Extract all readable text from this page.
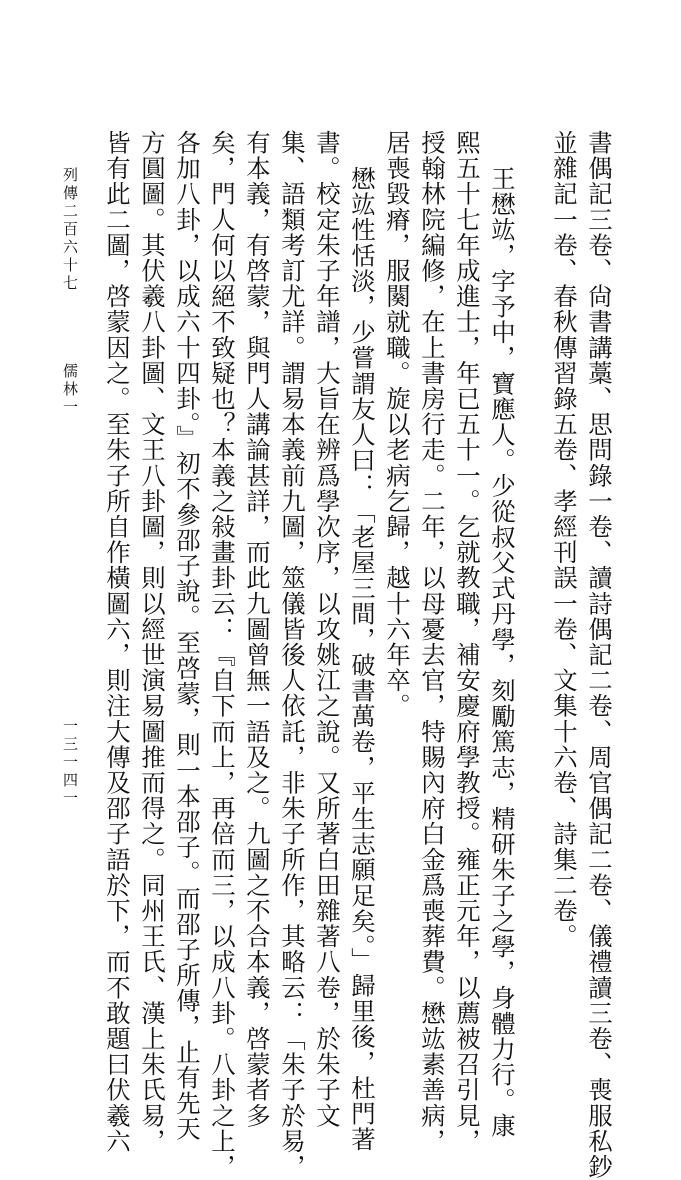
書偶記三卷、尙書講藁、思問錄一卷、讀詩偶記二卷、周官偶記二卷、儀禮讀三卷、喪服私鈔
並雜記一卷、春秋傳習錄五卷、孝經刊誤一卷、文集十六卷、詩集二卷。
王懋竑，字予中，寶應人。少從叔父式丹學，刻勵篤志，精研朱子之學，身體力行。康
熙五十七年成進士，年已五十一。乞就教職，補安慶府學教授。雍正元年，以薦被召引見，
授翰林院編修，在上書房行走。二年，以母憂去官，特賜內府白金爲喪葬費。懋竑素善病，
居喪毀瘠，服闋就職。旋以老病乞歸，越十六年卒。
懋竑性恬淡，少嘗謂友人曰：「老屋三間，破書萬卷，平生志願足矣。」歸里後，杜門著
書。校定朱子年譜，大旨在辨爲學次序，以攻姚江之說。又所著白田雜著八卷，於朱子文
集、語類考訂尤詳。謂易本義前九圖，筮儀皆後人依託，非朱子所作，其略云：「朱子於易，
有本義，有啓蒙，與門人講論甚詳，而此九圖曾無一語及之。九圖之不合本義，啓蒙者多
矣，門人何以絕不致疑也？本義之敍畫卦云：『自下而上，再倍而三，以成八卦。八卦之上，
各加八卦，以成六十四卦。』初不參邵子說。至啓蒙，則一本邵子。而邵子所傳，止有先天
方圓圖。其伏羲八卦圖、文王八卦圖，則以經世演易圖推而得之。同州王氏、漢上朱氏易，
皆有此二圖，啓蒙因之。至朱子所自作橫圖六，則注大傳及邵子語於下，而不敢題曰伏羲六
列傳二百六十七儒林一
一三一四一
